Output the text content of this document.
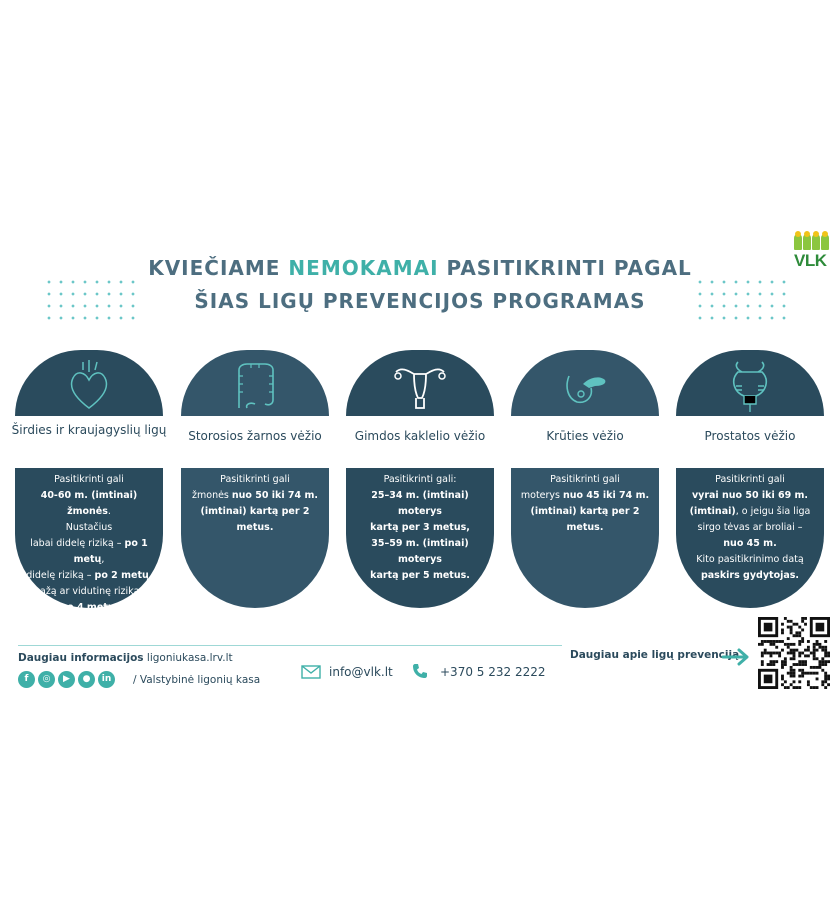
VLK
KVIEČIAME NEMOKAMAI PASITIKRINTI PAGAL
ŠIAS LIGŲ PREVENCIJOS PROGRAMAS
Širdies ir kraujagyslių ligų

Pasitikrinti gali

40-60 m. (imtinai) žmonės.

Nustačius

labai didelę riziką – po 1 metų,

didelę riziką – po 2 metų,

mažą ar vidutinę riziką –

po 4 metų.

Storosios žarnos vėžio

Pasitikrinti gali

žmonės nuo 50 iki 74 m.

(imtinai) kartą per 2

metus.

Gimdos kaklelio vėžio

Pasitikrinti gali:

25–34 m. (imtinai) moterys

kartą per 3 metus,

35–59 m. (imtinai) moterys

kartą per 5 metus.

Krūties vėžio

Pasitikrinti gali

moterys nuo 45 iki 74 m.

(imtinai) kartą per 2 metus.

Prostatos vėžio

Pasitikrinti gali

vyrai nuo 50 iki 69 m.

(imtinai), o jeigu šia liga

sirgo tėvas ar broliai –

nuo 45 m.

Kito pasitikrinimo datą

paskirs gydytojas.

Daugiau informacijos ligoniukasa.lrv.lt
f	◎	▶	●	in	/ Valstybinė ligonių kasa
info@vlk.lt	+370 5 232 2222
Daugiau apie ligų prevenciją
